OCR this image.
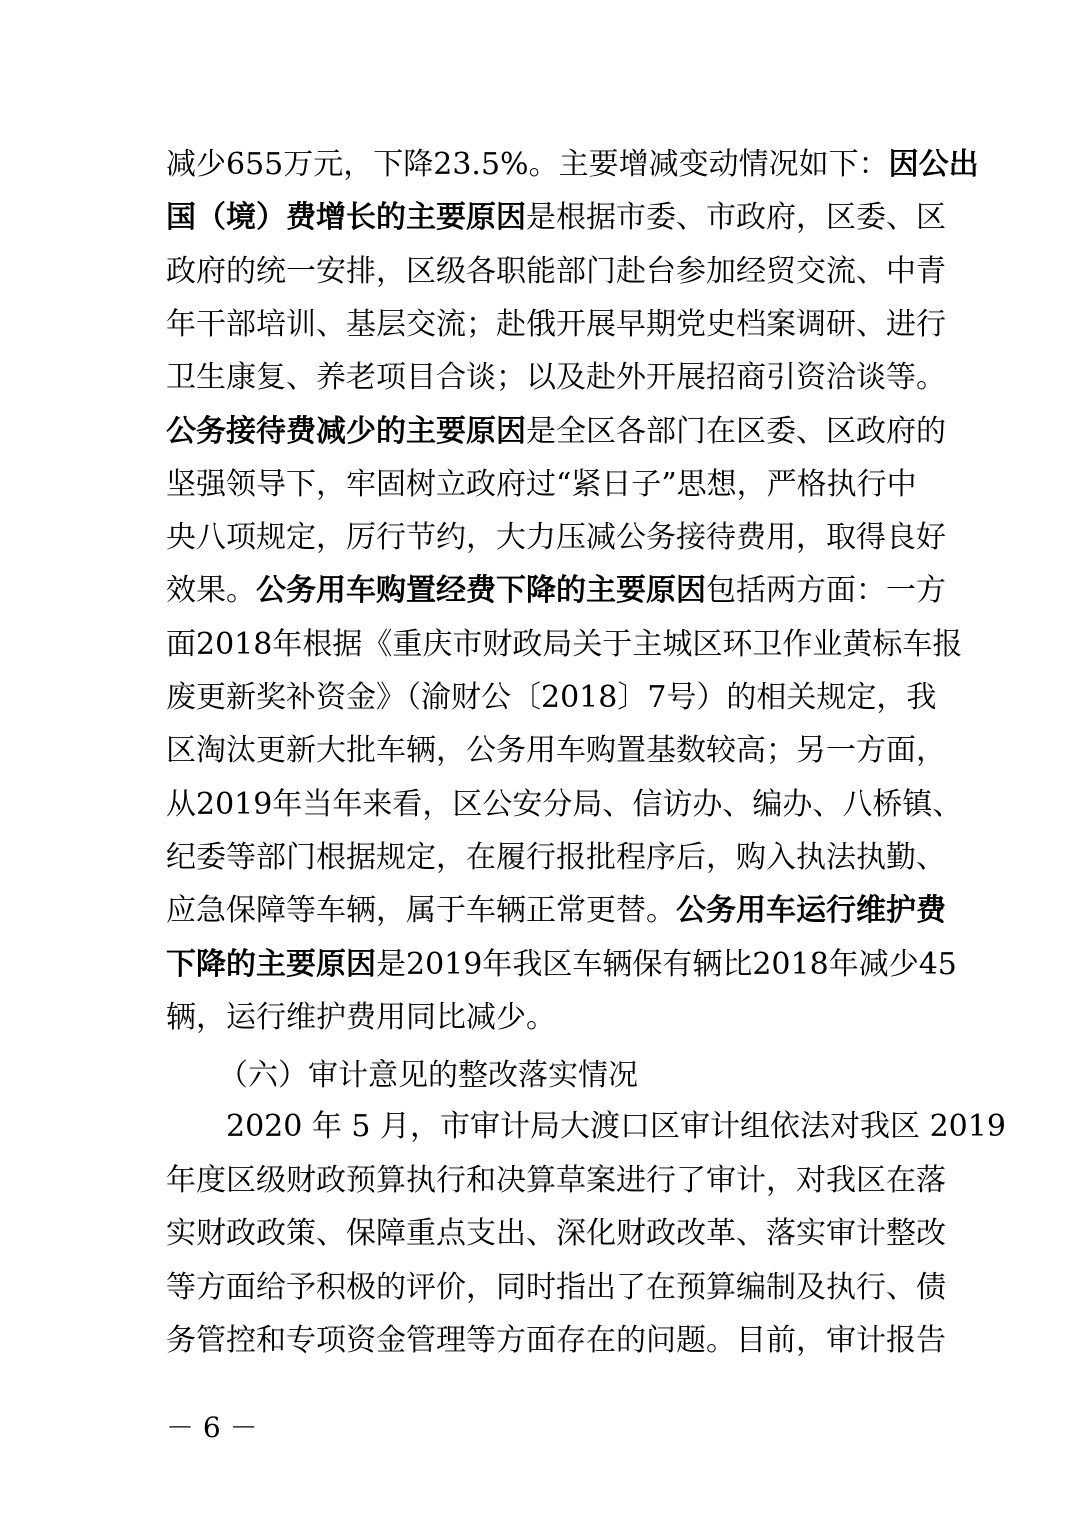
减少655万元，下降23.5%。主要增减变动情况如下：因公出
国（境）费增长的主要原因是根据市委、市政府，区委、区
政府的统一安排，区级各职能部门赴台参加经贸交流、中青
年干部培训、基层交流；赴俄开展早期党史档案调研、进行
卫生康复、养老项目合谈；以及赴外开展招商引资洽谈等。
公务接待费减少的主要原因是全区各部门在区委、区政府的
坚强领导下，牢固树立政府过“紧日子”思想，严格执行中
央八项规定，厉行节约，大力压减公务接待费用，取得良好
效果。公务用车购置经费下降的主要原因包括两方面：一方
面2018年根据《重庆市财政局关于主城区环卫作业黄标车报
废更新奖补资金》（渝财公〔2018〕7号）的相关规定，我
区淘汰更新大批车辆，公务用车购置基数较高；另一方面，
从2019年当年来看，区公安分局、信访办、编办、八桥镇、
纪委等部门根据规定，在履行报批程序后，购入执法执勤、
应急保障等车辆，属于车辆正常更替。公务用车运行维护费
下降的主要原因是2019年我区车辆保有辆比2018年减少45
辆，运行维护费用同比减少。
（六）审计意见的整改落实情况
　　2020 年 5 月，市审计局大渡口区审计组依法对我区 2019
年度区级财政预算执行和决算草案进行了审计，对我区在落
实财政政策、保障重点支出、深化财政改革、落实审计整改
等方面给予积极的评价，同时指出了在预算编制及执行、债
务管控和专项资金管理等方面存在的问题。目前，审计报告
－ 6 －
